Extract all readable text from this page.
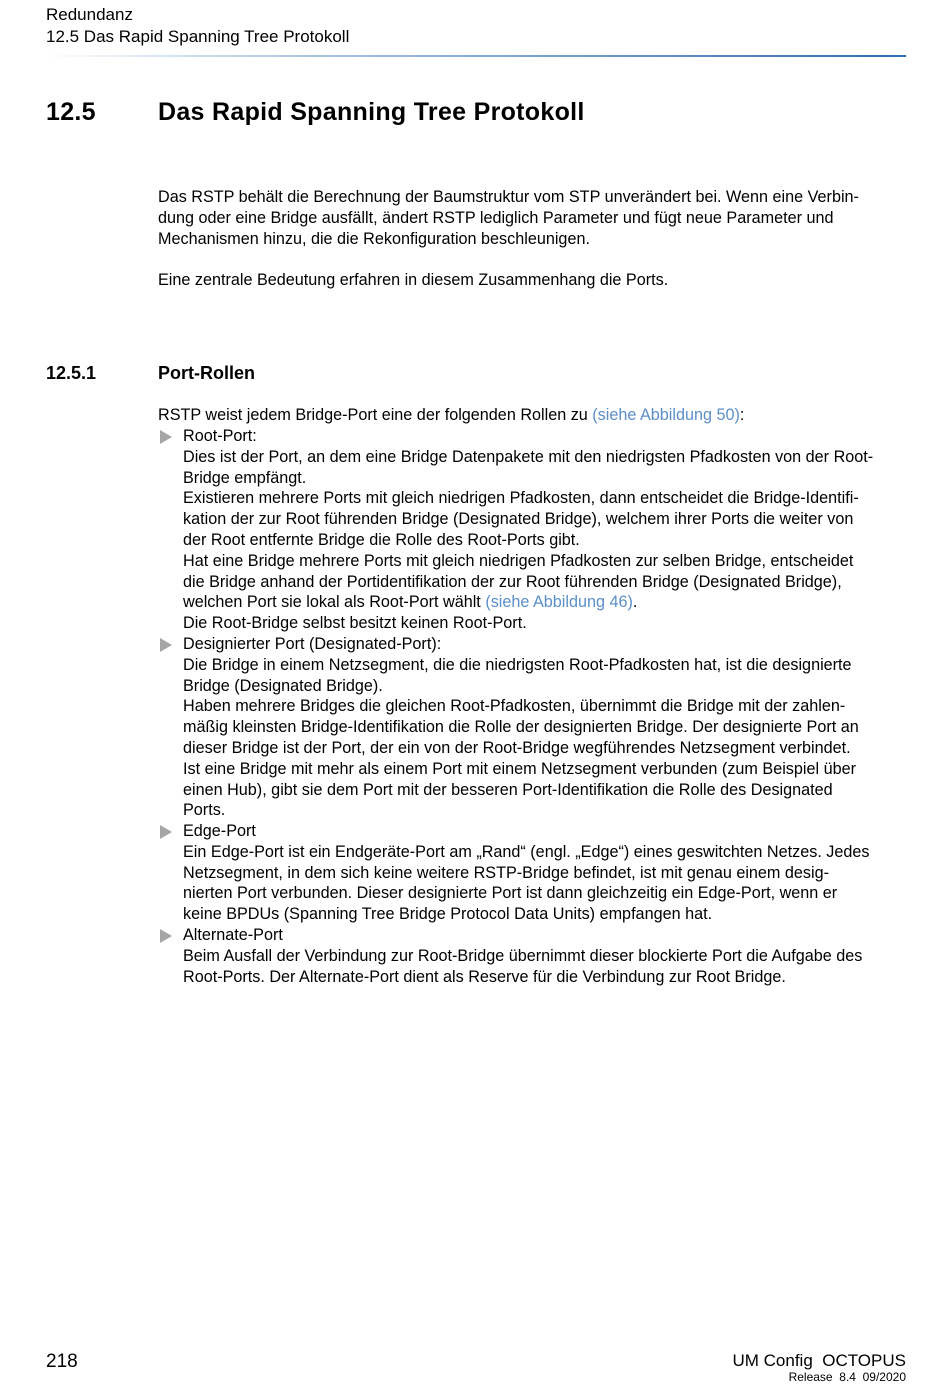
Redundanz
12.5 Das Rapid Spanning Tree Protokoll
12.5 Das Rapid Spanning Tree Protokoll
Das RSTP behält die Berechnung der Baumstruktur vom STP unverändert bei. Wenn eine Verbin-
dung oder eine Bridge ausfällt, ändert RSTP lediglich Parameter und fügt neue Parameter und
Mechanismen hinzu, die die Rekonfiguration beschleunigen.
Eine zentrale Bedeutung erfahren in diesem Zusammenhang die Ports.
12.5.1	Port-Rollen
RSTP weist jedem Bridge-Port eine der folgenden Rollen zu (siehe Abbildung 50):
Root-Port:
Dies ist der Port, an dem eine Bridge Datenpakete mit den niedrigsten Pfadkosten von der Root-
Bridge empfängt.
Existieren mehrere Ports mit gleich niedrigen Pfadkosten, dann entscheidet die Bridge-Identifi-
kation der zur Root führenden Bridge (Designated Bridge), welchem ihrer Ports die weiter von
der Root entfernte Bridge die Rolle des Root-Ports gibt.
Hat eine Bridge mehrere Ports mit gleich niedrigen Pfadkosten zur selben Bridge, entscheidet
die Bridge anhand der Portidentifikation der zur Root führenden Bridge (Designated Bridge),
welchen Port sie lokal als Root-Port wählt (siehe Abbildung 46).
Die Root-Bridge selbst besitzt keinen Root-Port.
Designierter Port (Designated-Port):
Die Bridge in einem Netzsegment, die die niedrigsten Root-Pfadkosten hat, ist die designierte
Bridge (Designated Bridge).
Haben mehrere Bridges die gleichen Root-Pfadkosten, übernimmt die Bridge mit der zahlen-
mäßig kleinsten Bridge-Identifikation die Rolle der designierten Bridge. Der designierte Port an
dieser Bridge ist der Port, der ein von der Root-Bridge wegführendes Netzsegment verbindet.
Ist eine Bridge mit mehr als einem Port mit einem Netzsegment verbunden (zum Beispiel über
einen Hub), gibt sie dem Port mit der besseren Port-Identifikation die Rolle des Designated
Ports.
Edge-Port
Ein Edge-Port ist ein Endgeräte-Port am „Rand“ (engl. „Edge“) eines geswitchten Netzes. Jedes
Netzsegment, in dem sich keine weitere RSTP-Bridge befindet, ist mit genau einem desig-
nierten Port verbunden. Dieser designierte Port ist dann gleichzeitig ein Edge-Port, wenn er
keine BPDUs (Spanning Tree Bridge Protocol Data Units) empfangen hat.
Alternate-Port
Beim Ausfall der Verbindung zur Root-Bridge übernimmt dieser blockierte Port die Aufgabe des
Root-Ports. Der Alternate-Port dient als Reserve für die Verbindung zur Root Bridge.
218	UM Config  OCTOPUS
Release  8.4  09/2020
